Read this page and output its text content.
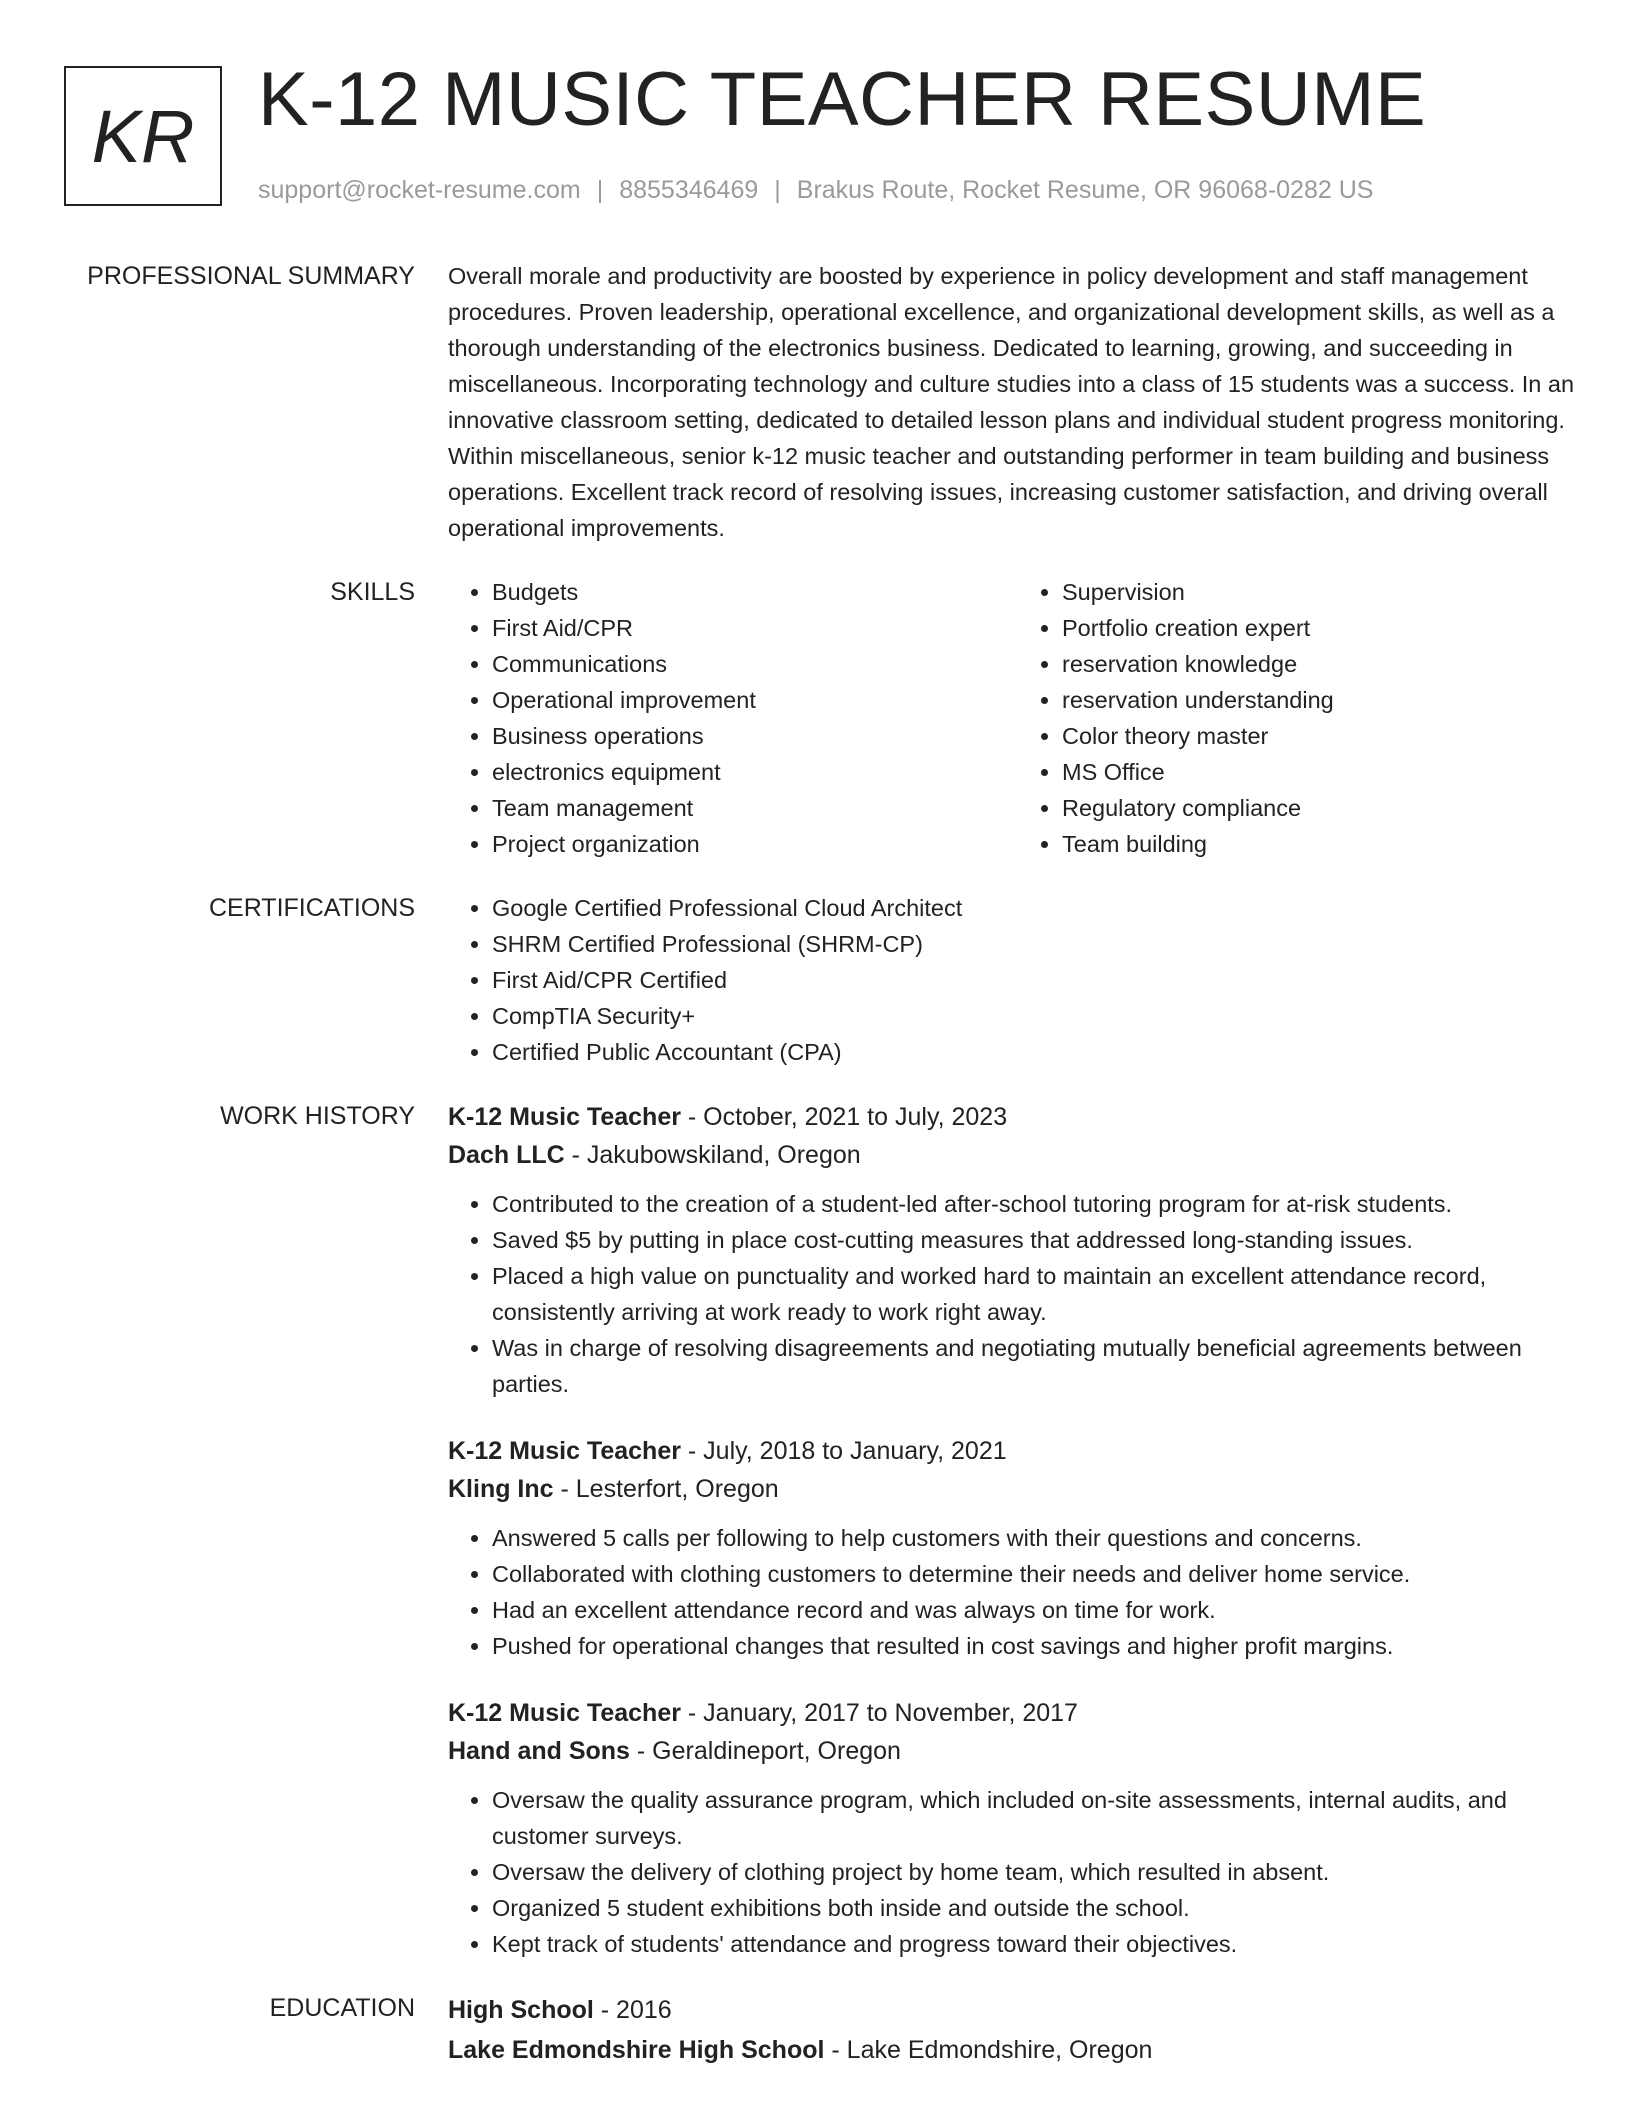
KR K-12 MUSIC TEACHER RESUME
support@rocket-resume.com | 8855346469 | Brakus Route, Rocket Resume, OR 96068-0282 US
PROFESSIONAL SUMMARY Overall morale and productivity are boosted by experience in policy development and staff management procedures. Proven leadership, operational excellence, and organizational development skills, as well as a thorough understanding of the electronics business. Dedicated to learning, growing, and succeeding in miscellaneous. Incorporating technology and culture studies into a class of 15 students was a success. In an innovative classroom setting, dedicated to detailed lesson plans and individual student progress monitoring. Within miscellaneous, senior k-12 music teacher and outstanding performer in team building and business operations. Excellent track record of resolving issues, increasing customer satisfaction, and driving overall operational improvements.

SKILLS	• Budgets
• First Aid/CPR
• Communications
• Operational improvement
• Business operations
• electronics equipment
• Team management
• Project organization
• Supervision
• Portfolio creation expert
• reservation knowledge
• reservation understanding
• Color theory master
• MS Office
• Regulatory compliance
• Team building
CERTIFICATIONS	• Google Certified Professional Cloud Architect
• SHRM Certified Professional (SHRM-CP)
• First Aid/CPR Certified
• CompTIA Security+
• Certified Public Accountant (CPA)
WORK HISTORY K-12 Music Teacher - October, 2021 to July, 2023
Dach LLC - Jakubowskiland, Oregon
• Contributed to the creation of a student-led after-school tutoring program for at-risk students.
• Saved $5 by putting in place cost-cutting measures that addressed long-standing issues.
• Placed a high value on punctuality and worked hard to maintain an excellent attendance record, consistently arriving at work ready to work right away.
• Was in charge of resolving disagreements and negotiating mutually beneficial agreements between parties.
K-12 Music Teacher - July, 2018 to January, 2021
Kling Inc - Lesterfort, Oregon
• Answered 5 calls per following to help customers with their questions and concerns.
• Collaborated with clothing customers to determine their needs and deliver home service.
• Had an excellent attendance record and was always on time for work.
• Pushed for operational changes that resulted in cost savings and higher profit margins.
K-12 Music Teacher - January, 2017 to November, 2017
Hand and Sons - Geraldineport, Oregon
• Oversaw the quality assurance program, which included on-site assessments, internal audits, and customer surveys.
• Oversaw the delivery of clothing project by home team, which resulted in absent.
• Organized 5 student exhibitions both inside and outside the school.
• Kept track of students' attendance and progress toward their objectives.
EDUCATION High School - 2016
Lake Edmondshire High School - Lake Edmondshire, Oregon
